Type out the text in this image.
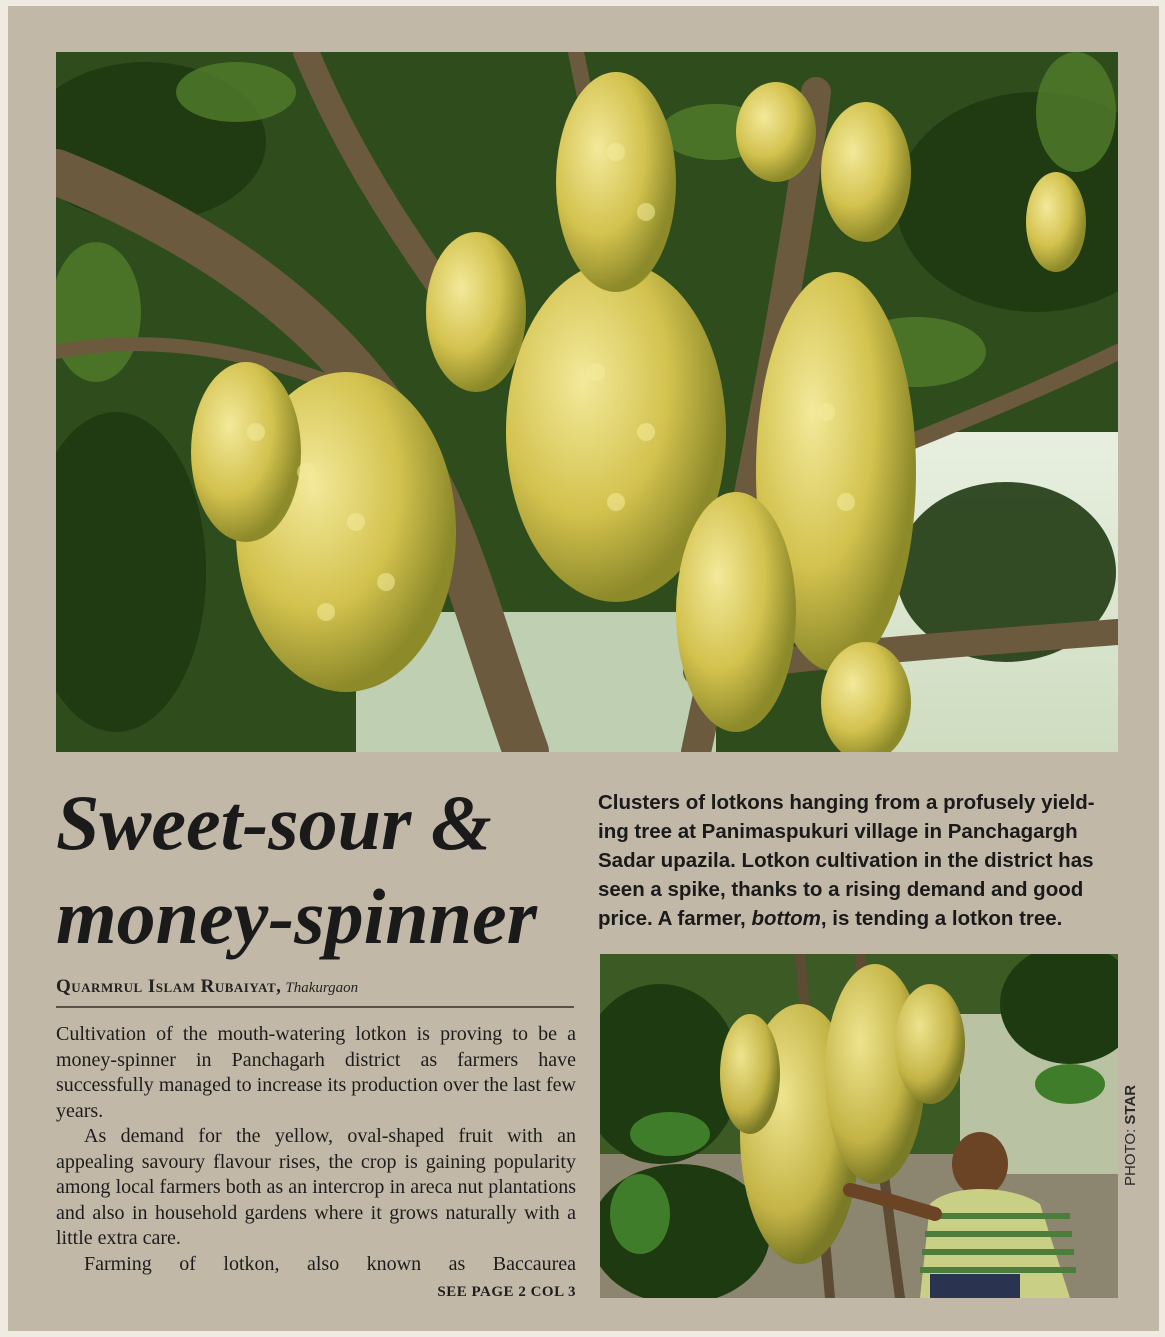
Sweet-sour &
money-spinner

Clusters of lotkons hanging from a profusely yield-ing tree at Panimaspukuri village in Panchagargh Sadar upazila. Lotkon cultivation in the district has seen a spike, thanks to a rising demand and good price. A farmer, bottom, is tending a lotkon tree.

Quarmrul Islam Rubaiyat, Thakurgaon

Cultivation of the mouth-watering lotkon is proving to be a money-spinner in Panchagarh district as farmers have successfully managed to increase its production over the last few years.

As demand for the yellow, oval-shaped fruit with an appealing savoury flavour rises, the crop is gaining popularity among local farmers both as an intercrop in areca nut plantations and also in household gardens where it grows naturally with a little extra care.

Farming of lotkon, also known as Baccaurea

SEE PAGE 2 COL 3
PHOTO: STAR
